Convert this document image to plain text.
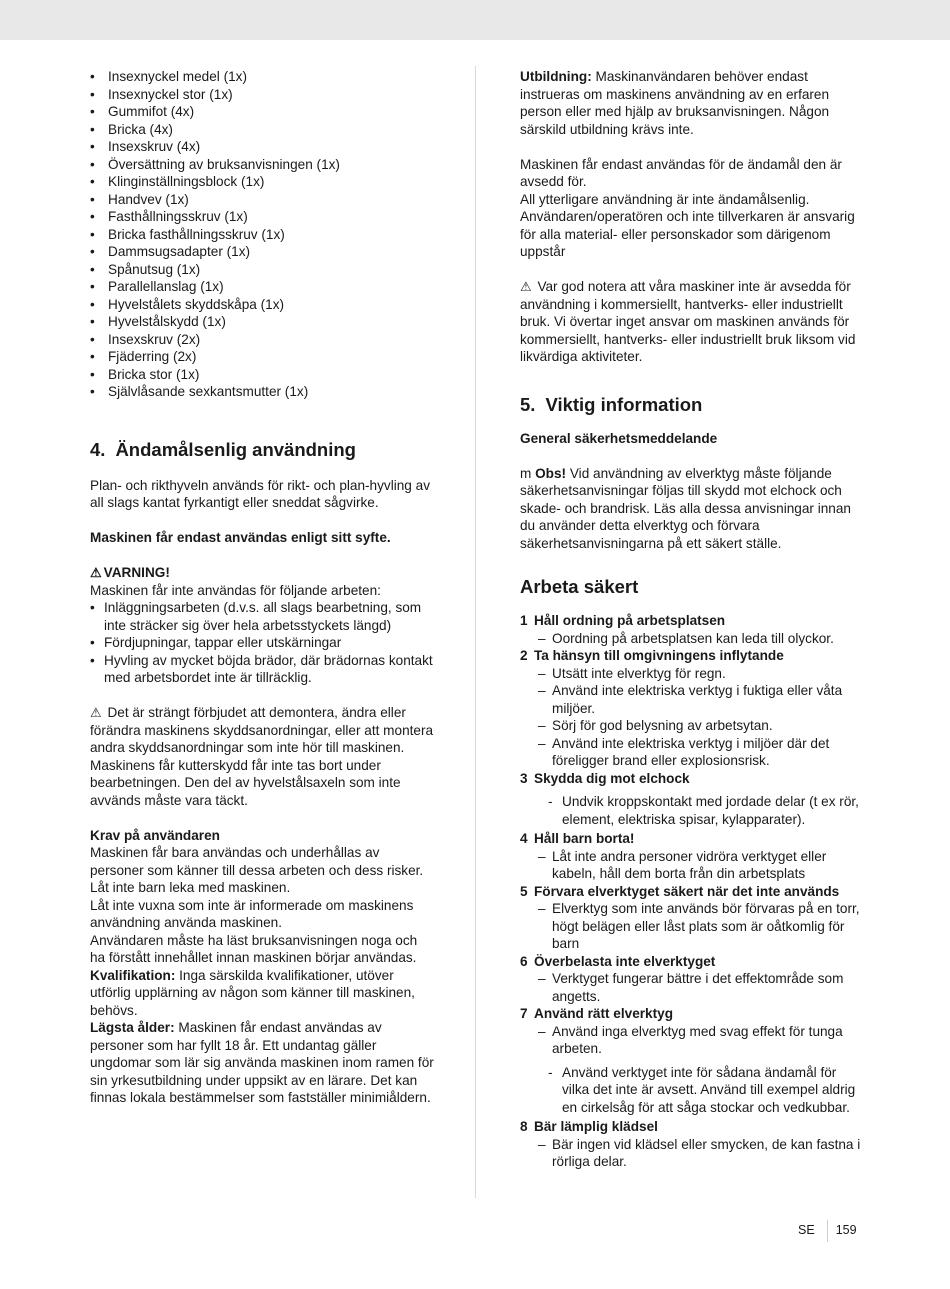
• Insexnyckel medel (1x)
• Insexnyckel stor (1x)
• Gummifot (4x)
• Bricka (4x)
• Insexskruv (4x)
• Översättning av bruksanvisningen (1x)
• Klinginställningsblock (1x)
• Handvev (1x)
• Fasthållningsskruv (1x)
• Bricka fasthållningsskruv (1x)
• Dammsugsadapter (1x)
• Spånutsug (1x)
• Parallellanslag (1x)
• Hyvelstålets skyddskåpa (1x)
• Hyvelstålskydd (1x)
• Insexskruv (2x)
• Fjäderring (2x)
• Bricka stor (1x)
• Självlåsande sexkantsmutter (1x)
4. Ändamålsenlig användning

Plan- och rikthyveln används för rikt- och plan-hyvling av all slags kantat fyrkantigt eller sneddat sågvirke.

Maskinen får endast användas enligt sitt syfte.

⚠ VARNING!

Maskinen får inte användas för följande arbeten:

• Inläggningsarbeten (d.v.s. all slags bearbetning, som inte sträcker sig över hela arbetsstyckets längd)
• Fördjupningar, tappar eller utskärningar
• Hyvling av mycket böjda brädor, där brädornas kontakt med arbetsbordet inte är tillräcklig.

⚠ Det är strängt förbjudet att demontera, ändra eller förändra maskinens skyddsanordningar, eller att montera andra skyddsanordningar som inte hör till maskinen.

Maskinens får kutterskydd får inte tas bort under bearbetningen. Den del av hyvelstålsaxeln som inte avvänds måste vara täckt.

Krav på användaren

Maskinen får bara användas och underhållas av personer som känner till dessa arbeten och dess risker.

Låt inte barn leka med maskinen.

Låt inte vuxna som inte är informerade om maskinens användning använda maskinen.

Användaren måste ha läst bruksanvisningen noga och ha förstått innehållet innan maskinen börjar användas.

Kvalifikation: Inga särskilda kvalifikationer, utöver utförlig upplärning av någon som känner till maskinen, behövs.

Lägsta ålder: Maskinen får endast användas av personer som har fyllt 18 år. Ett undantag gäller ungdomar som lär sig använda maskinen inom ramen för sin yrkesutbildning under uppsikt av en lärare. Det kan finnas lokala bestämmelser som fastställer minimiåldern.

Utbildning: Maskinanvändaren behöver endast instrueras om maskinens användning av en erfaren person eller med hjälp av bruksanvisningen. Någon särskild utbildning krävs inte.

Maskinen får endast användas för de ändamål den är avsedd för.

All ytterligare användning är inte ändamålsenlig. Användaren/operatören och inte tillverkaren är ansvarig för alla material- eller personskador som därigenom uppstår

⚠ Var god notera att våra maskiner inte är avsedda för användning i kommersiellt, hantverks- eller industriellt bruk. Vi övertar inget ansvar om maskinen används för kommersiellt, hantverks- eller industriellt bruk liksom vid likvärdiga aktiviteter.

5. Viktig information

General säkerhetsmeddelande

m Obs! Vid användning av elverktyg måste följande säkerhetsanvisningar följas till skydd mot elchock och skade- och brandrisk. Läs alla dessa anvisningar innan du använder detta elverktyg och förvara säkerhetsanvisningarna på ett säkert ställe.

Arbeta säkert
1 Håll ordning på arbetsplatsen
– Oordning på arbetsplatsen kan leda till olyckor.
2 Ta hänsyn till omgivningens inflytande
– Utsätt inte elverktyg för regn.
– Använd inte elektriska verktyg i fuktiga eller våta miljöer.
– Sörj för god belysning av arbetsytan.
– Använd inte elektriska verktyg i miljöer där det föreligger brand eller explosionsrisk.
3 Skydda dig mot elchock
- Undvik kroppskontakt med jordade delar (t ex rör, element, elektriska spisar, kylapparater).
4 Håll barn borta!
– Låt inte andra personer vidröra verktyget eller kabeln, håll dem borta från din arbetsplats
5 Förvara elverktyget säkert när det inte används
– Elverktyg som inte används bör förvaras på en torr, högt belägen eller låst plats som är oåtkomlig för barn
6 Överbelasta inte elverktyget
– Verktyget fungerar bättre i det effektområde som angetts.
7 Använd rätt elverktyg
– Använd inga elverktyg med svag effekt för tunga arbeten.
- Använd verktyget inte för sådana ändamål för vilka det inte är avsett. Använd till exempel aldrig en cirkelsåg för att såga stockar och vedkubbar.
8 Bär lämplig klädsel
– Bär ingen vid klädsel eller smycken, de kan fastna i rörliga delar.
SE	159
